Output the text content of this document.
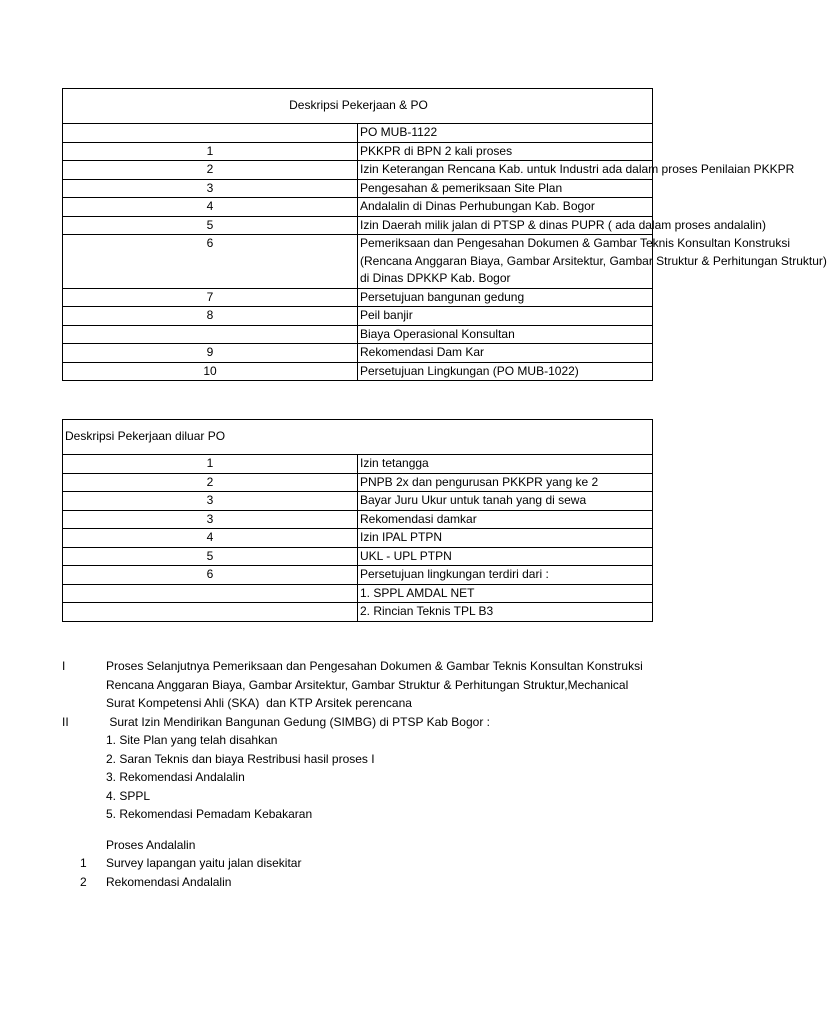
Deskripsi Pekerjaan & PO	

	PO MUB-1122

1	PKKPR di BPN 2 kali proses

2	Izin Keterangan Rencana Kab. untuk Industri ada dalam proses Penilaian PKKPR

3	Pengesahan & pemeriksaan Site Plan

4	Andalalin di Dinas Perhubungan Kab. Bogor

5	Izin Daerah milik jalan di PTSP & dinas PUPR ( ada dalam proses andalalin)

6	Pemeriksaan dan Pengesahan Dokumen & Gambar Teknis Konsultan Konstruksi
(Rencana Anggaran Biaya, Gambar Arsitektur, Gambar Struktur & Perhitungan Struktur)
di Dinas DPKKP Kab. Bogor

7	Persetujuan bangunan gedung

8	Peil banjir

	Biaya Operasional Konsultan

9	Rekomendasi Dam Kar

10	Persetujuan Lingkungan (PO MUB-1022)
Deskripsi Pekerjaan diluar PO	
1	Izin tetangga

2	PNPB 2x dan pengurusan PKKPR yang ke 2

3	Bayar Juru Ukur untuk tanah yang di sewa

3	Rekomendasi damkar

4	Izin IPAL PTPN

5	UKL - UPL PTPN

6	Persetujuan lingkungan terdiri dari :

	1. SPPL AMDAL NET

	2. Rincian Teknis TPL B3
I	Proses Selanjutnya Pemeriksaan dan Pengesahan Dokumen & Gambar Teknis Konsultan Konstruksi
Rencana Anggaran Biaya, Gambar Arsitektur, Gambar Struktur & Perhitungan Struktur,Mechanical
Surat Kompetensi Ahli (SKA)  dan KTP Arsitek perencana
II	Surat Izin Mendirikan Bangunan Gedung (SIMBG) di PTSP Kab Bogor :
1. Site Plan yang telah disahkan
2. Saran Teknis dan biaya Restribusi hasil proses I
3. Rekomendasi Andalalin
4. SPPL
5. Rekomendasi Pemadam Kebakaran
Proses Andalalin
1 Survey lapangan yaitu jalan disekitar
2 Rekomendasi Andalalin
